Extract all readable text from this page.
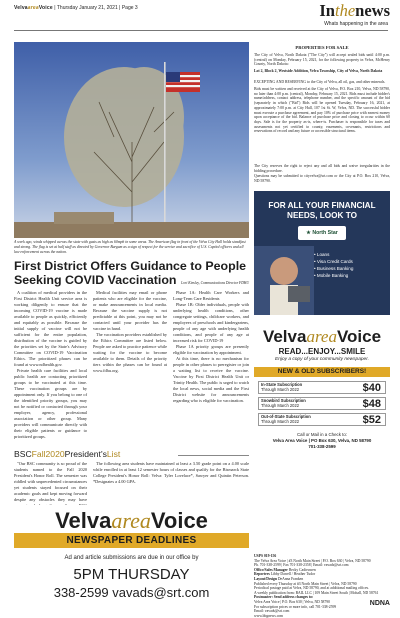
VelvaareaVoice | Thursday January 21, 2021 | Page 3	Inthenews
Whats happening in the area
A week ago, winds whipped across the state with gusts as high as 60mph in some areas. The American flag in front of the Velva City Hall holds steadfast and strong. The flag is set at half staff as directed by Governor Burgum as a sign of respect for the service and sacrifice of U.S. Capitol officers and all law enforcement across the nation.
First District Offers Guidance to People Seeking COVID Vaccination	Lori Kinsley, Communications Director FDHU

A coalition of medical providers in the First District Health Unit service area is working diligently to ensure that the incoming COVID-19 vaccine is made available to people as quickly, efficiently and equitably as possible. Because the initial supply of vaccine will not be sufficient for the entire population, distribution of the vaccine is guided by the priorities set by the State's Advisory Committee on COVID-19 Vaccination Ethics. The prioritized phases can be found at www.ndhealth.gov.

Private health care facilities and local public health are contacting prioritized groups to be vaccinated at this time. These vaccination groups are by appointment only. If you belong to one of the identified priority groups, you may not be notified or contacted through your employer, agency, professional association or other group. Many providers will communicate directly with their eligible patients or guidance to prioritized groups.

Medical facilities may email or phone patients who are eligible for the vaccine, or make announcements in local media. Because the vaccine supply is not predictable at this point, you may not be contacted until your provider has the vaccine in hand.

The vaccination providers established by the Ethics Committee are listed below. People are asked to practice patience while waiting for the vaccine to become available to them. Details of the priority tiers within the phases can be found at www.fdhu.org.

Phase 1A: Health Care Workers and Long-Term Care Residents

Phase 1B: Older individuals, people with underlying health conditions, other congregate settings, childcare workers, and employees of preschools and kindergartens, people of any age with underlying health conditions, and people of any age at increased risk for COVID-19

Phase 1A priority groups are presently eligible for vaccination by appointment.

At this time, there is no mechanism for people in other phases to preregister or join a waiting list to receive the vaccine. Vaccine by First District Health Unit or Trinity Health. The public is urged to watch the local news, social media and the First District website for announcements regarding who is eligible for vaccination.

BSCFall2020President'sList

"Our BSC community is so proud of the students named to the Fall 2020 President's Honor Roll. The semester was riddled with unprecedented circumstances yet students stayed focused on their academic goals and kept moving forward despite any obstacles they may have

The following area students have maintained at least a 3.50 grade point on a 4.00 scale while enrolled in at least 12 semester hours of classes and qualify for the Bismarck State College President's Honor Roll: Velva: Tyler Lovelace*, Sawyer and Quintin Peterson. *Designates a 4.00 GPA.

VelvaareaVoice
NEWSPAPER DEADLINES
Ad and article submissions are due in our office by
5PM THURSDAY
338-2599 vavads@srt.com
PROPERTIES FOR SALE
The City of Velva, North Dakota ("The City") will accept sealed bids until 4:00 p.m. (central) on Monday, February 15, 2021, for the following property in Velva, McHenry County, North Dakota:
Lot 2, Block 2, Westside Addition, Velva Township, City of Velva, North Dakota
EXCEPTING AND RESERVING to the City of Velva, all oil, gas, and other minerals.
Bids must be written and received at the City of Velva, P.O. Box 210, Velva, ND 58790, no later than 4:00 p.m. (central), Monday, February 15, 2021. Bids must include bidder's name/address, contact address, telephone number, and the specific amount of the bid (separately in which ("Bid") Bids will be opened Tuesday, February 16, 2021, at approximately 7:00 p.m. at City Hall, 107 1st St. W, Velva, ND. The successful bidder must execute a purchase agreement, and pay 10% of purchase price with earnest money upon acceptance of the bid. Balance of purchase price and closing to occur within 60 days. Sale is for the property as-is, where-is. Purchaser is responsible for taxes and assessments not yet certified to county, easements, covenants, restrictions and reservations of record and any future or accessible structural items.
The City reserves the right to reject any and all bids and waive irregularities in the bidding procedure.
Questions may be submitted to cityvelva@srt.com or the City at P.O. Box 210, Velva, ND 58790.
FOR ALL YOUR FINANCIAL NEEDS, LOOK TO
★ North Star
• Loans
• Visa Credit Cards
• Business Banking
• Mobile Banking
VelvaareaVoice
READ...ENJOY...SMILE
Enjoy a copy of your community newspaper.
NEW & OLD SUBSCRIBERS!
In-State Subscription
Through March 2022	$40
Snowbird Subscription
Through March 2022	$48
Out-of-State Subscription
Through March 2022	$52
Call or Mail in a Check to:
Velva Area Voice | PO Box 630, Velva, ND 58790
701-338-2599
USPS 019-156
The Velva Area Voice | #3 North Main Street | P.O. Box 630 | Velva, ND 58790
Ph. 701-338-2599 | Fax 701-338-2358 | Email: vavads@srt.com
Office/Sales Manager Becky Cadieuwen
Reporters Libby Darrell / Heather Tudor
Layout/Design DeAnna Franken
Published every Thursday at #3 North Main Street | Velva, ND 58790
Periodical postage paid at Velva, ND 58790, and at additional mailing offices.
A weekly publication from: BAIL LLC | 109 Main Street South | Mohall, ND 58761
Postmaster: Send address changes to:
Velva Area Voice | P.O. Box 630 | Velva, ND 58790
For subscription prices or more info, call 701-338-2599
Email: vavads@srt.com
www.bbgnews.com
NDNA
